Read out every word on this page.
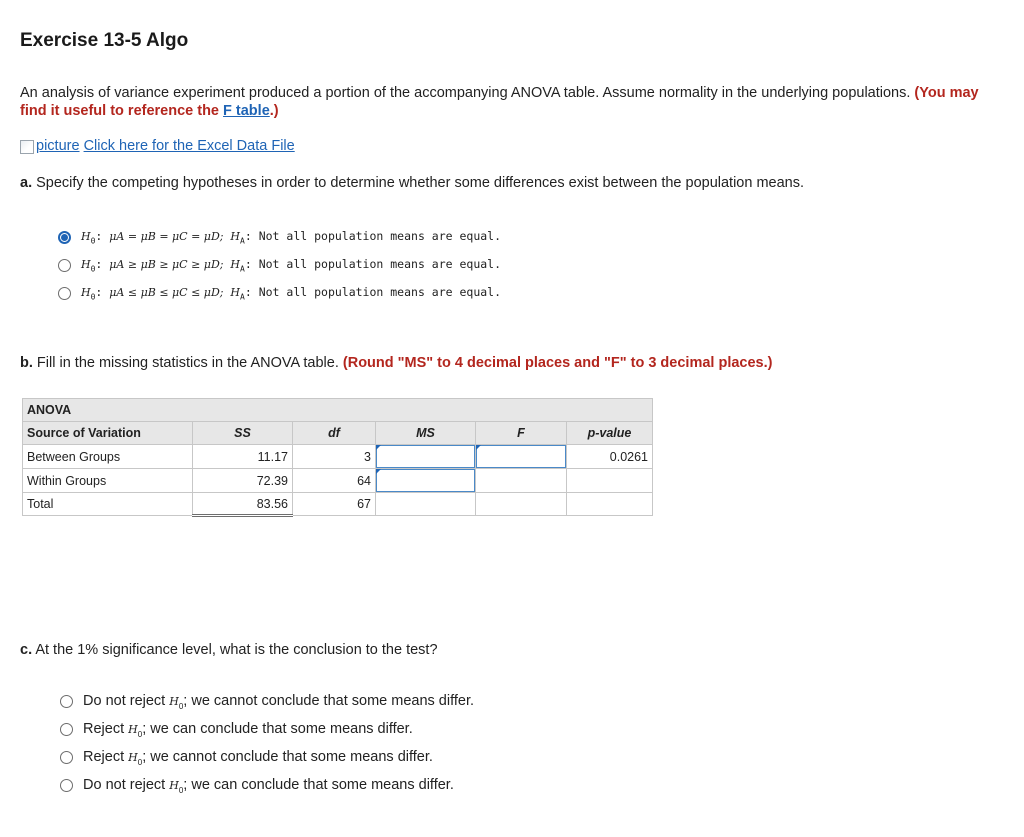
Exercise 13-5 Algo
An analysis of variance experiment produced a portion of the accompanying ANOVA table. Assume normality in the underlying populations. (You may find it useful to reference the F table.)
picture
Click here for the Excel Data File
a. Specify the competing hypotheses in order to determine whether some differences exist between the population means.
$H_0$: μA = μB = μC = μD; $H_A$: Not all population means are equal.
$H_0$: μA ≥ μB ≥ μC ≥ μD; $H_A$: Not all population means are equal.
$H_0$: μA ≤ μB ≤ μC ≤ μD; $H_A$: Not all population means are equal.
b. Fill in the missing statistics in the ANOVA table. (Round "MS" to 4 decimal places and "F" to 3 decimal places.)
ANOVA					
Source of Variation	SS	df	MS	F	p-value
Between Groups	11.17	3			0.0261
Within Groups	72.39	64	

Total	83.56	67			
c. At the 1% significance level, what is the conclusion to the test?
Do not reject $H_0$; we cannot conclude that some means differ.
Reject $H_0$; we can conclude that some means differ.
Reject $H_0$; we cannot conclude that some means differ.
Do not reject $H_0$; we can conclude that some means differ.
